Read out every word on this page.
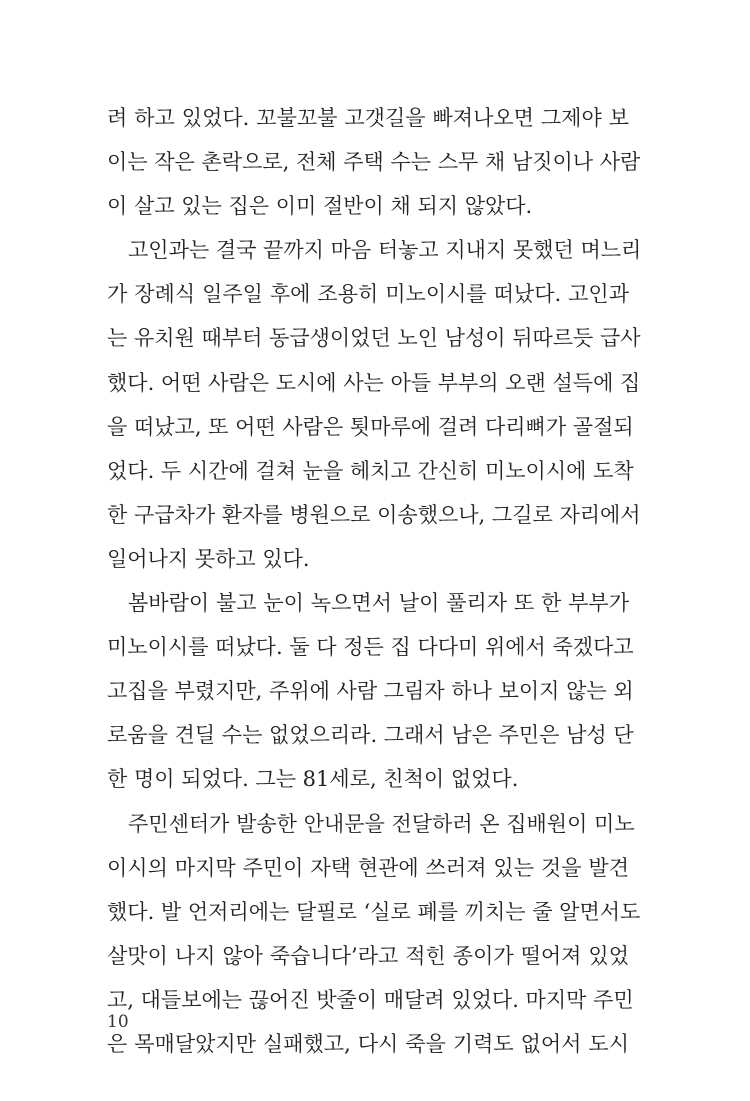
려 하고 있었다. 꼬불꼬불 고갯길을 빠져나오면 그제야 보
이는 작은 촌락으로, 전체 주택 수는 스무 채 남짓이나 사람
이 살고 있는 집은 이미 절반이 채 되지 않았다.
고인과는 결국 끝까지 마음 터놓고 지내지 못했던 며느리
가 장례식 일주일 후에 조용히 미노이시를 떠났다. 고인과
는 유치원 때부터 동급생이었던 노인 남성이 뒤따르듯 급사
했다. 어떤 사람은 도시에 사는 아들 부부의 오랜 설득에 집
을 떠났고, 또 어떤 사람은 툇마루에 걸려 다리뼈가 골절되
었다. 두 시간에 걸쳐 눈을 헤치고 간신히 미노이시에 도착
한 구급차가 환자를 병원으로 이송했으나, 그길로 자리에서
일어나지 못하고 있다.
봄바람이 불고 눈이 녹으면서 날이 풀리자 또 한 부부가
미노이시를 떠났다. 둘 다 정든 집 다다미 위에서 죽겠다고
고집을 부렸지만, 주위에 사람 그림자 하나 보이지 않는 외
로움을 견딜 수는 없었으리라. 그래서 남은 주민은 남성 단
한 명이 되었다. 그는 81세로, 친척이 없었다.
주민센터가 발송한 안내문을 전달하러 온 집배원이 미노
이시의 마지막 주민이 자택 현관에 쓰러져 있는 것을 발견
했다. 발 언저리에는 달필로 ‘실로 폐를 끼치는 줄 알면서도
살맛이 나지 않아 죽습니다’라고 적힌 종이가 떨어져 있었
고, 대들보에는 끊어진 밧줄이 매달려 있었다. 마지막 주민
은 목매달았지만 실패했고, 다시 죽을 기력도 없어서 도시
10
